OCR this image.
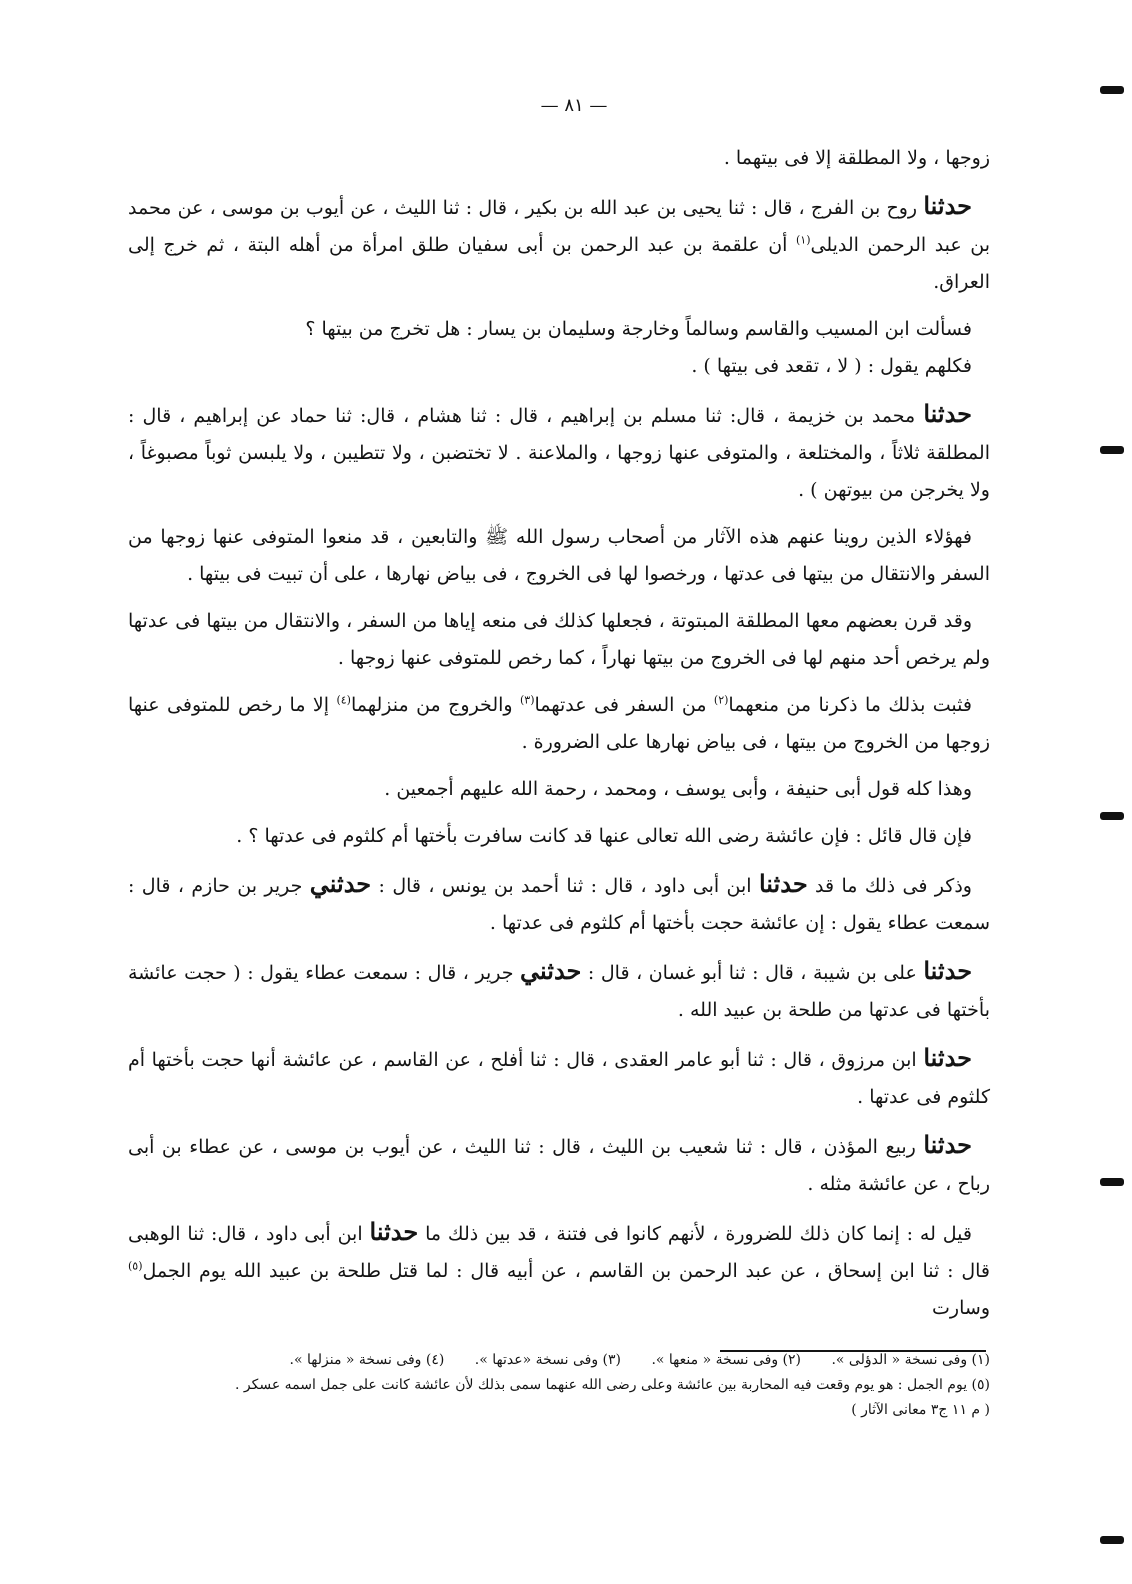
— ٨١ —

زوجها ، ولا المطلقة إلا فى بيتهما .

حدثنا روح بن الفرج ، قال : ثنا يحيى بن عبد الله بن بكير ، قال : ثنا الليث ، عن أيوب بن موسى ، عن محمد بن عبد الرحمن الديلى$^{(١)}$ أن علقمة بن عبد الرحمن بن أبى سفيان طلق امرأة من أهله البتة ، ثم خرج إلى العراق.

فسألت ابن المسيب والقاسم وسالماً وخارجة وسليمان بن يسار : هل تخرج من بيتها ؟

فكلهم يقول : ( لا ، تقعد فى بيتها ) .

حدثنا محمد بن خزيمة ، قال: ثنا مسلم بن إبراهيم ، قال : ثنا هشام ، قال: ثنا حماد عن إبراهيم ، قال : المطلقة ثلاثاً ، والمختلعة ، والمتوفى عنها زوجها ، والملاعنة . لا تختضبن ، ولا تتطيبن ، ولا يلبسن ثوباً مصبوغاً ، ولا يخرجن من بيوتهن ) .

فهؤلاء الذين روينا عنهم هذه الآثار من أصحاب رسول الله ﷺ والتابعين ، قد منعوا المتوفى عنها زوجها من السفر والانتقال من بيتها فى عدتها ، ورخصوا لها فى الخروج ، فى بياض نهارها ، على أن تبيت فى بيتها .

وقد قرن بعضهم معها المطلقة المبتوتة ، فجعلها كذلك فى منعه إياها من السفر ، والانتقال من بيتها فى عدتها ولم يرخص أحد منهم لها فى الخروج من بيتها نهاراً ، كما رخص للمتوفى عنها زوجها .

فثبت بذلك ما ذكرنا من منعهما$^{(٢)}$ من السفر فى عدتهما$^{(٣)}$ والخروج من منزلهما$^{(٤)}$ إلا ما رخص للمتوفى عنها زوجها من الخروج من بيتها ، فى بياض نهارها على الضرورة .

وهذا كله قول أبى حنيفة ، وأبى يوسف ، ومحمد ، رحمة الله عليهم أجمعين .

فإن قال قائل : فإن عائشة رضى الله تعالى عنها قد كانت سافرت بأختها أم كلثوم فى عدتها ؟ .

وذكر فى ذلك ما قد حدثنا ابن أبى داود ، قال : ثنا أحمد بن يونس ، قال : حدثني جرير بن حازم ، قال : سمعت عطاء يقول : إن عائشة حجت بأختها أم كلثوم فى عدتها .

حدثنا على بن شيبة ، قال : ثنا أبو غسان ، قال : حدثني جرير ، قال : سمعت عطاء يقول : ( حجت عائشة بأختها فى عدتها من طلحة بن عبيد الله .

حدثنا ابن مرزوق ، قال : ثنا أبو عامر العقدى ، قال : ثنا أفلح ، عن القاسم ، عن عائشة أنها حجت بأختها أم كلثوم فى عدتها .

حدثنا ربيع المؤذن ، قال : ثنا شعيب بن الليث ، قال : ثنا الليث ، عن أيوب بن موسى ، عن عطاء بن أبى رباح ، عن عائشة مثله .

قيل له : إنما كان ذلك للضرورة ، لأنهم كانوا فى فتنة ، قد بين ذلك ما حدثنا ابن أبى داود ، قال: ثنا الوهبى قال : ثنا ابن إسحاق ، عن عبد الرحمن بن القاسم ، عن أبيه قال : لما قتل طلحة بن عبيد الله يوم الجمل$^{(٥)}$ وسارت

(١) وفى نسخة « الدؤلى ». (٢) وفى نسخة « منعها ». (٣) وفى نسخة «عدتها ». (٤) وفى نسخة « منزلها ».

(٥) يوم الجمل : هو يوم وقعت فيه المحاربة بين عائشة وعلى رضى الله عنهما سمى بذلك لأن عائشة كانت على جمل اسمه عسكر .

( م ١١ ج٣ معانى الآثار )
